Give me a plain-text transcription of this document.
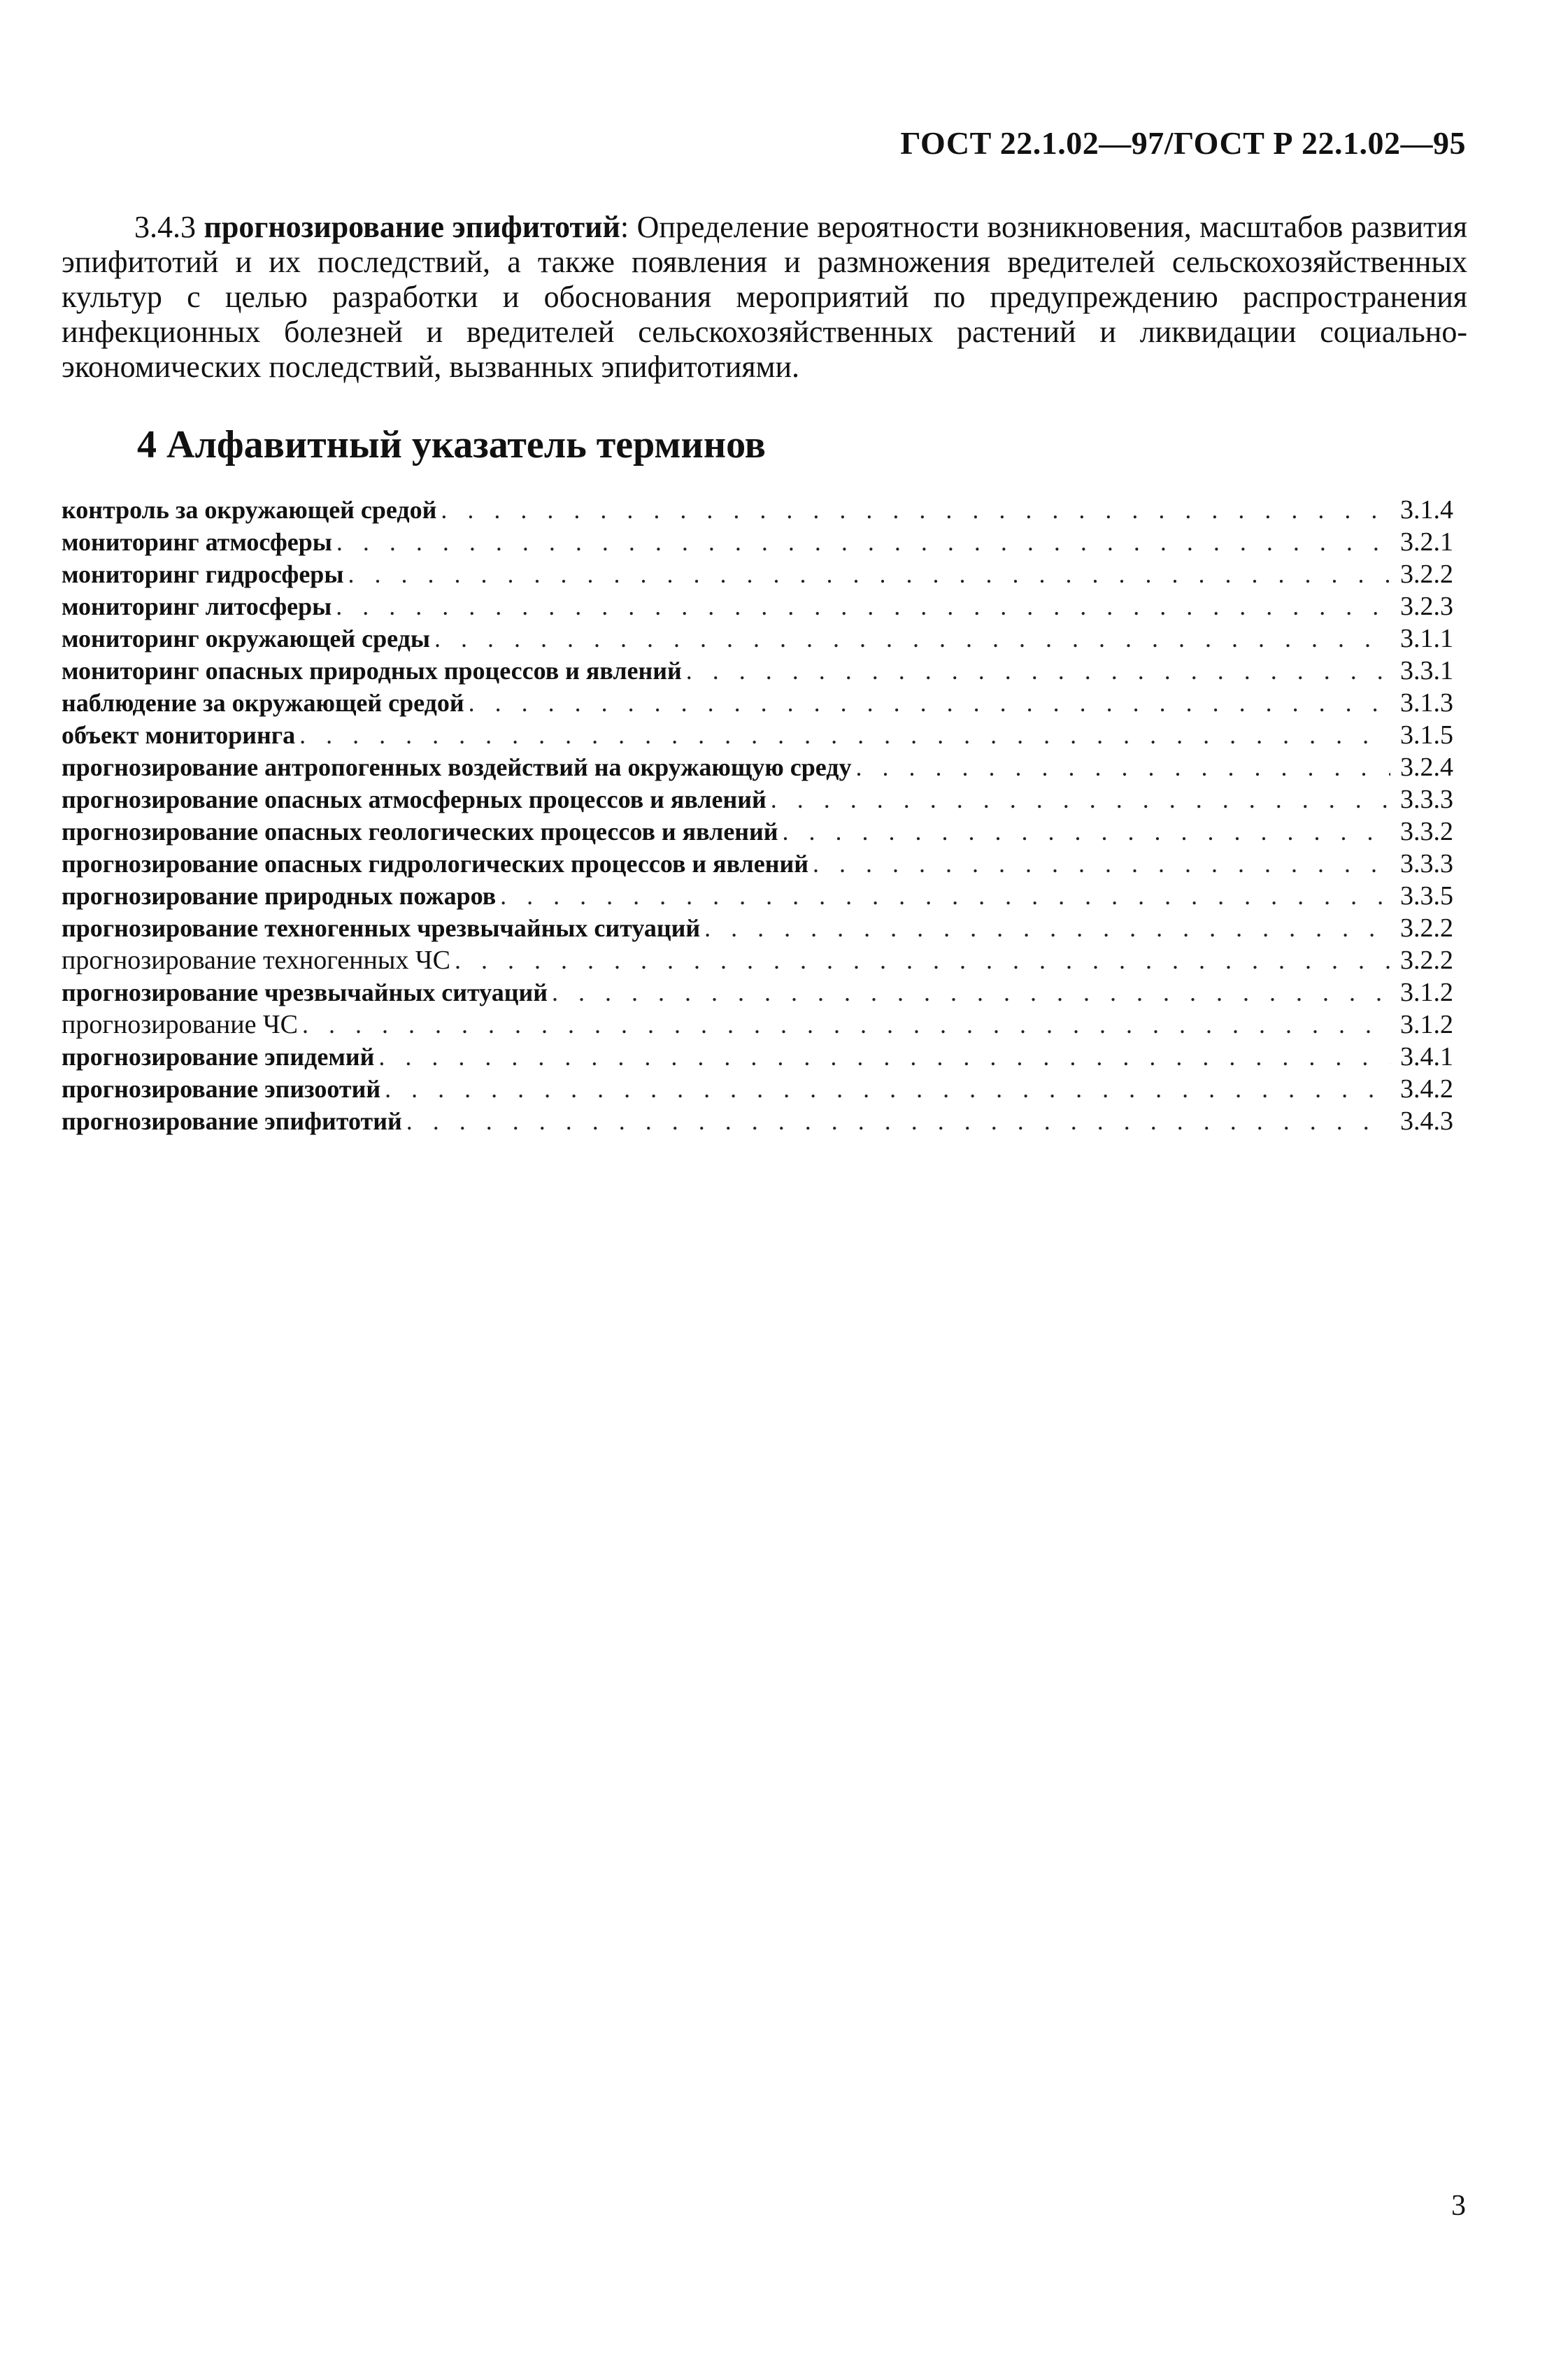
ГОСТ 22.1.02—97/ГОСТ Р 22.1.02—95

3.4.3 прогнозирование эпифитотий: Определение вероятности возникновения, масштабов развития эпифитотий и их последствий, а также появления и размножения вредителей сельскохозяйственных культур с целью разработки и обоснования мероприятий по предупреждению распространения инфекционных болезней и вредителей сельскохозяйственных растений и ликвидации социально-экономических последствий, вызванных эпифитотиями.

4 Алфавитный указатель терминов
контроль за окружающей средой . . .	3.1.4
мониторинг атмосферы . . .	3.2.1
мониторинг гидросферы . . .	3.2.2
мониторинг литосферы . . .	3.2.3
мониторинг окружающей среды . . .	3.1.1
мониторинг опасных природных процессов и явлений . . .	3.3.1
наблюдение за окружающей средой . . .	3.1.3
объект мониторинга . . .	3.1.5
прогнозирование антропогенных воздействий на окружающую среду . . .	3.2.4
прогнозирование опасных атмосферных процессов и явлений . . .	3.3.3
прогнозирование опасных геологических процессов и явлений . . .	3.3.2
прогнозирование опасных гидрологических процессов и явлений . . .	3.3.3
прогнозирование природных пожаров . . .	3.3.5
прогнозирование техногенных чрезвычайных ситуаций . . .	3.2.2
прогнозирование техногенных ЧС . . .	3.2.2
прогнозирование чрезвычайных ситуаций . . .	3.1.2
прогнозирование ЧС . . .	3.1.2
прогнозирование эпидемий . . .	3.4.1
прогнозирование эпизоотий . . .	3.4.2
прогнозирование эпифитотий . . .	3.4.3
3
